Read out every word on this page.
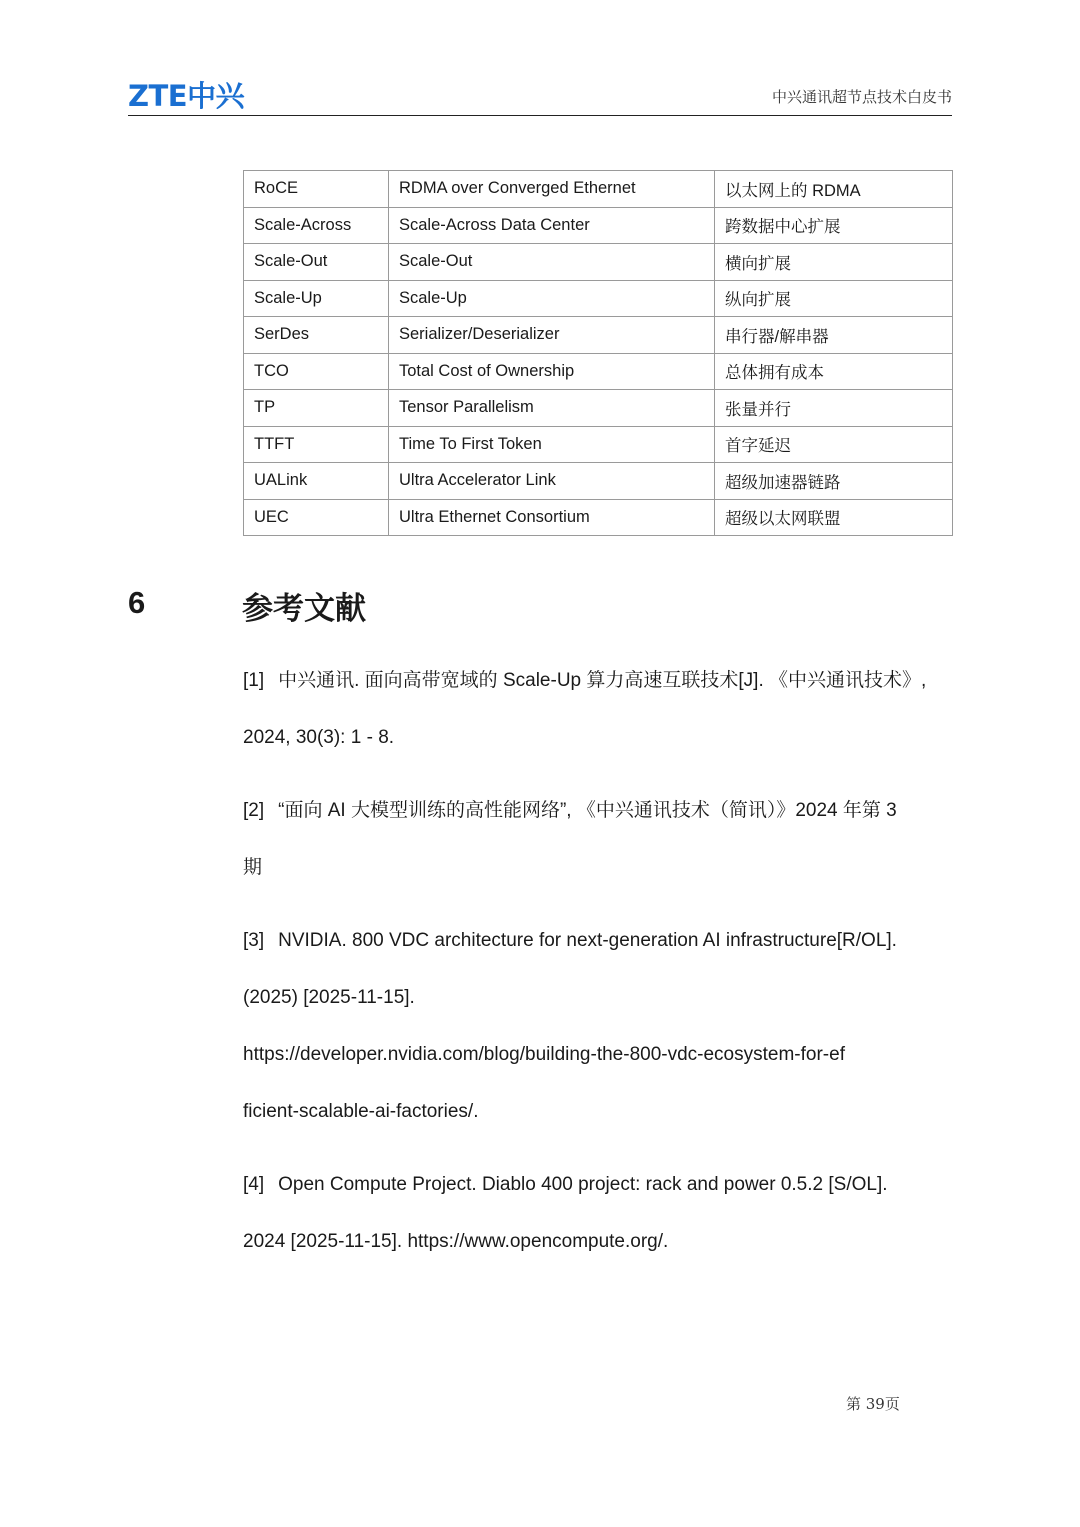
ZTE中兴	中兴通讯超节点技术白皮书
RoCE	RDMA over Converged Ethernet	以太网上的 RDMA
Scale-Across	Scale-Across Data Center	跨数据中心扩展
Scale-Out	Scale-Out	横向扩展
Scale-Up	Scale-Up	纵向扩展
SerDes	Serializer/Deserializer	串行器/解串器
TCO	Total Cost of Ownership	总体拥有成本
TP	Tensor Parallelism	张量并行
TTFT	Time To First Token	首字延迟
UALink	Ultra Accelerator Link	超级加速器链路
UEC	Ultra Ethernet Consortium	超级以太网联盟
6	参考文献
[1] 中兴通讯. 面向高带宽域的 Scale-Up 算力高速互联技术[J]. 《中兴通讯技术》,
2024, 30(3): 1 - 8.
[2] “面向 AI 大模型训练的高性能网络”, 《中兴通讯技术（简讯）》2024 年第 3
期
[3] NVIDIA. 800 VDC architecture for next-generation AI infrastructure[R/OL].
(2025) [2025-11-15].
https://developer.nvidia.com/blog/building-the-800-vdc-ecosystem-for-ef
ficient-scalable-ai-factories/.
[4] Open Compute Project. Diablo 400 project: rack and power 0.5.2 [S/OL].
2024 [2025-11-15]. https://www.opencompute.org/.
第 39页
